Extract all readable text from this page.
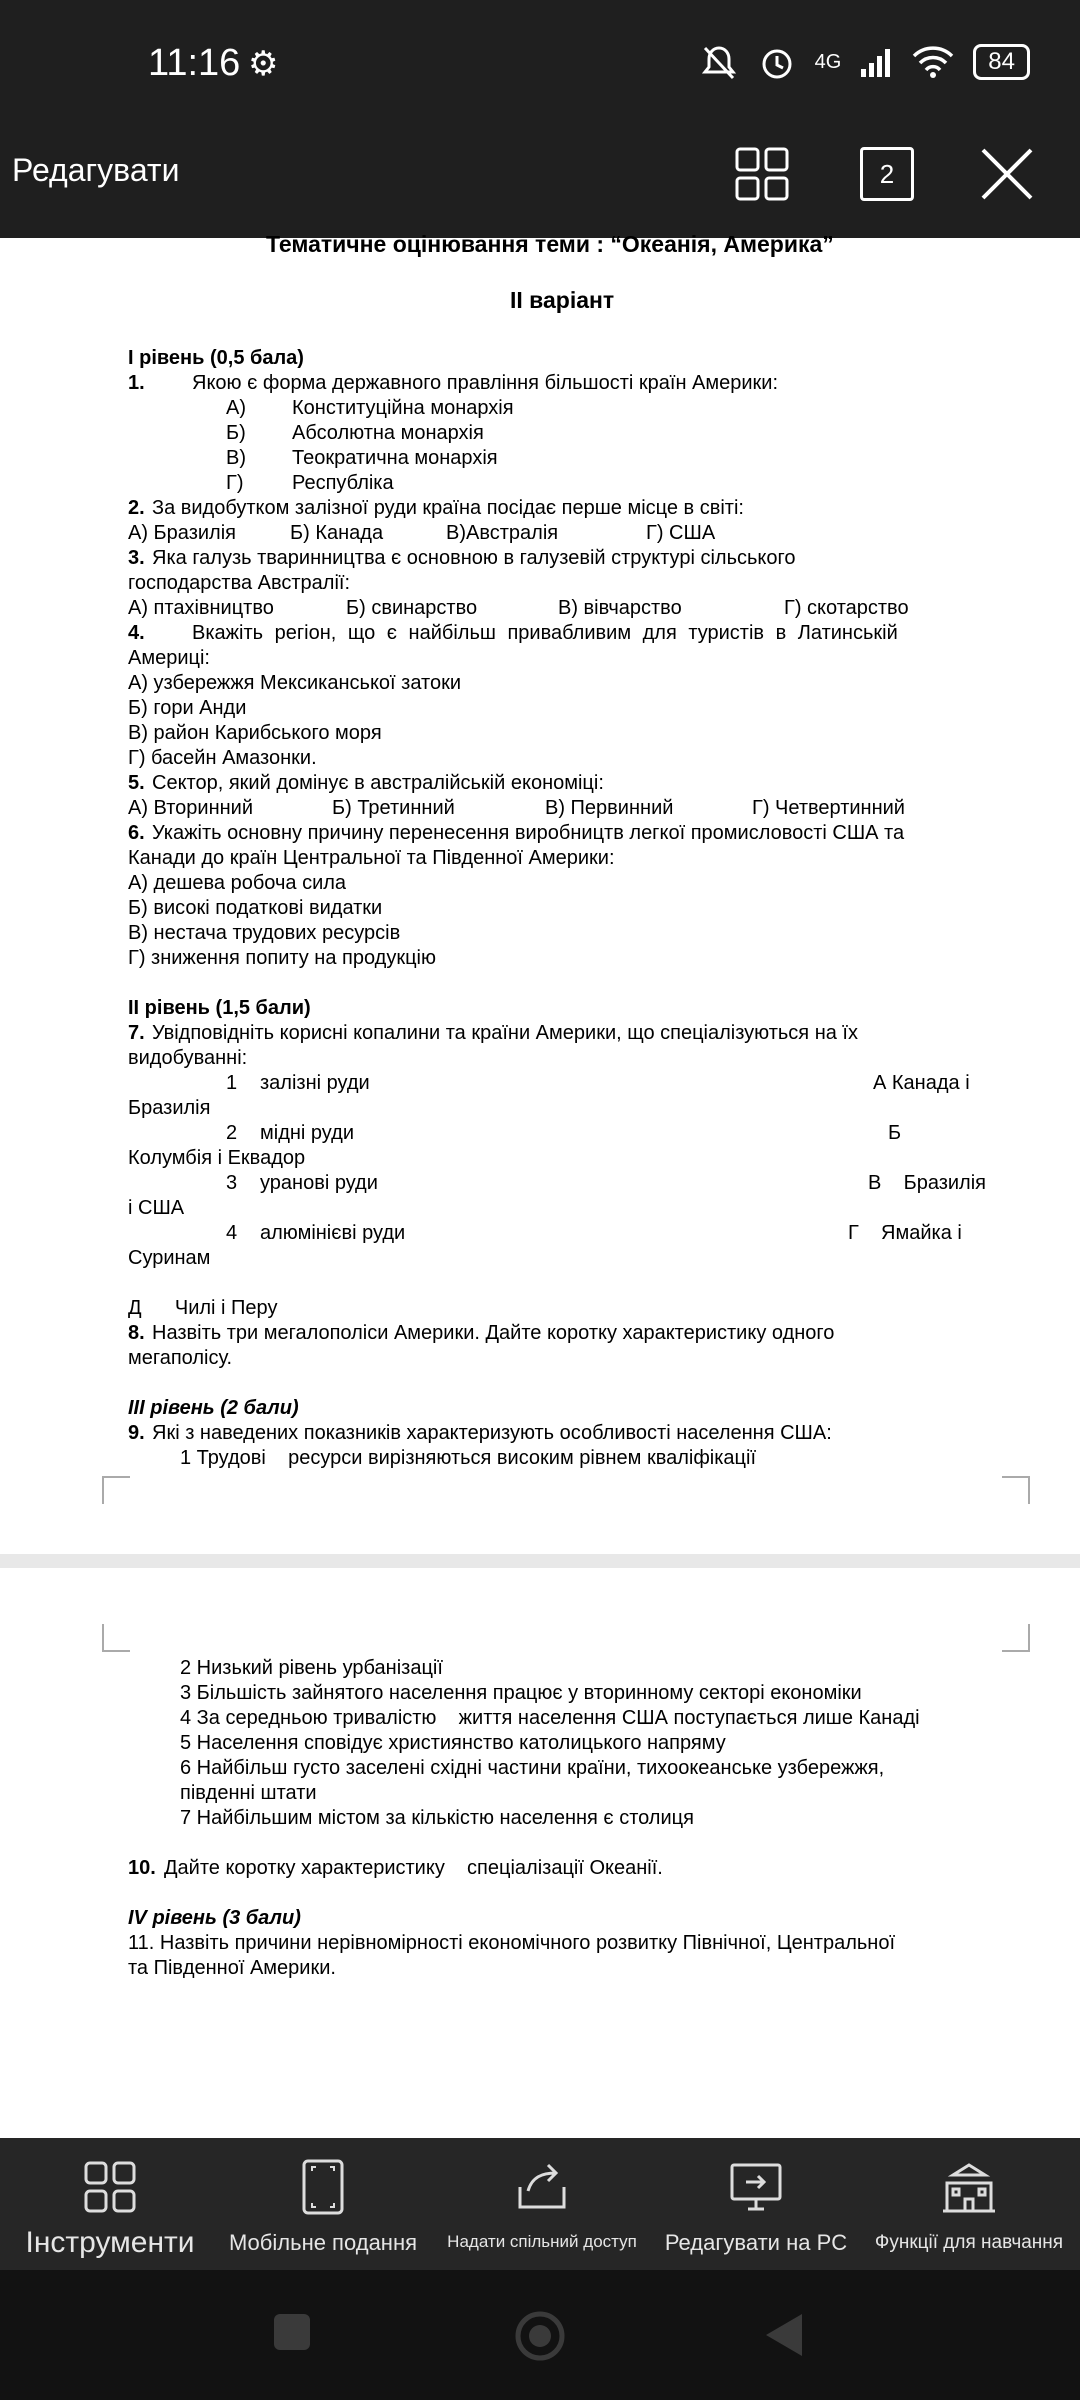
11:16 ⚙	4G	84
Редагувати	2
Тематичне оцінювання теми : “Океанія, Америка”
ІІ варіант
І рівень (0,5 бала)
1. Якою є форма державного правління більшості країн Америки:
А) Конституційна монархія
Б) Абсолютна монархія
В) Теократична монархія
Г) Республіка
2. За видобутком залізної руди країна посідає перше місце в світі:
А) Бразилія	Б) Канада	В)Австралія	Г) США
3. Яка галузь тваринництва є основною в галузевій структурі сільського
господарства Австралії:
А) птахівництво	Б) свинарство	В) вівчарство	Г) скотарство
4. Вкажіть регіон, що є найбільш привабливим для туристів в Латинській
Америці:
А) узбережжя Мексиканської затоки
Б) гори Анди
В) район Карибського моря
Г) басейн Амазонки.
5. Сектор, який домінує в австралійській економіці:
А) Вторинний	Б) Третинний	В) Первинний	Г) Четвертинний
6. Укажіть основну причину перенесення виробництв легкої промисловості США та
Канади до країн Центральної та Південної Америки:
А) дешева робоча сила
Б) високі податкові видатки
В) нестача трудових ресурсів
Г) зниження попиту на продукцію
ІІ рівень (1,5 бали)
7. Увідповідніть корисні копалини та країни Америки, що спеціалізуються на їх
видобуванні:
1 залізні руди	А Канада і
Бразилія
2 мідні руди	Б
Колумбія і Еквадор
3 уранові руди	В    Бразилія
і США
4 алюмінієві руди	Г    Ямайка і
Суринам
Д      Чилі і Перу
8. Назвіть три мегалополіси Америки. Дайте коротку характеристику одного
мегаполісу.
ІІІ рівень (2 бали)
9. Які з наведених показників характеризують особливості населення США:
1 Трудові    ресурси вирізняються високим рівнем кваліфікації
2 Низький рівень урбанізації
3 Більшість зайнятого населення працює у вторинному секторі економіки
4 За середньою тривалістю    життя населення США поступається лише Канаді
5 Населення сповідує християнство католицького напряму
6 Найбільш густо заселені східні частини країни, тихоокеанське узбережжя,
південні штати
7 Найбільшим містом за кількістю населення є столиця
10. Дайте коротку характеристику    спеціалізації Океанії.
IV рівень (3 бали)
11. Назвіть причини нерівномірності економічного розвитку Північної, Центральної
та Південної Америки.
Інструменти	Мобільне подання	Надати спільний доступ	Редагувати на PC	Функції для навчання
